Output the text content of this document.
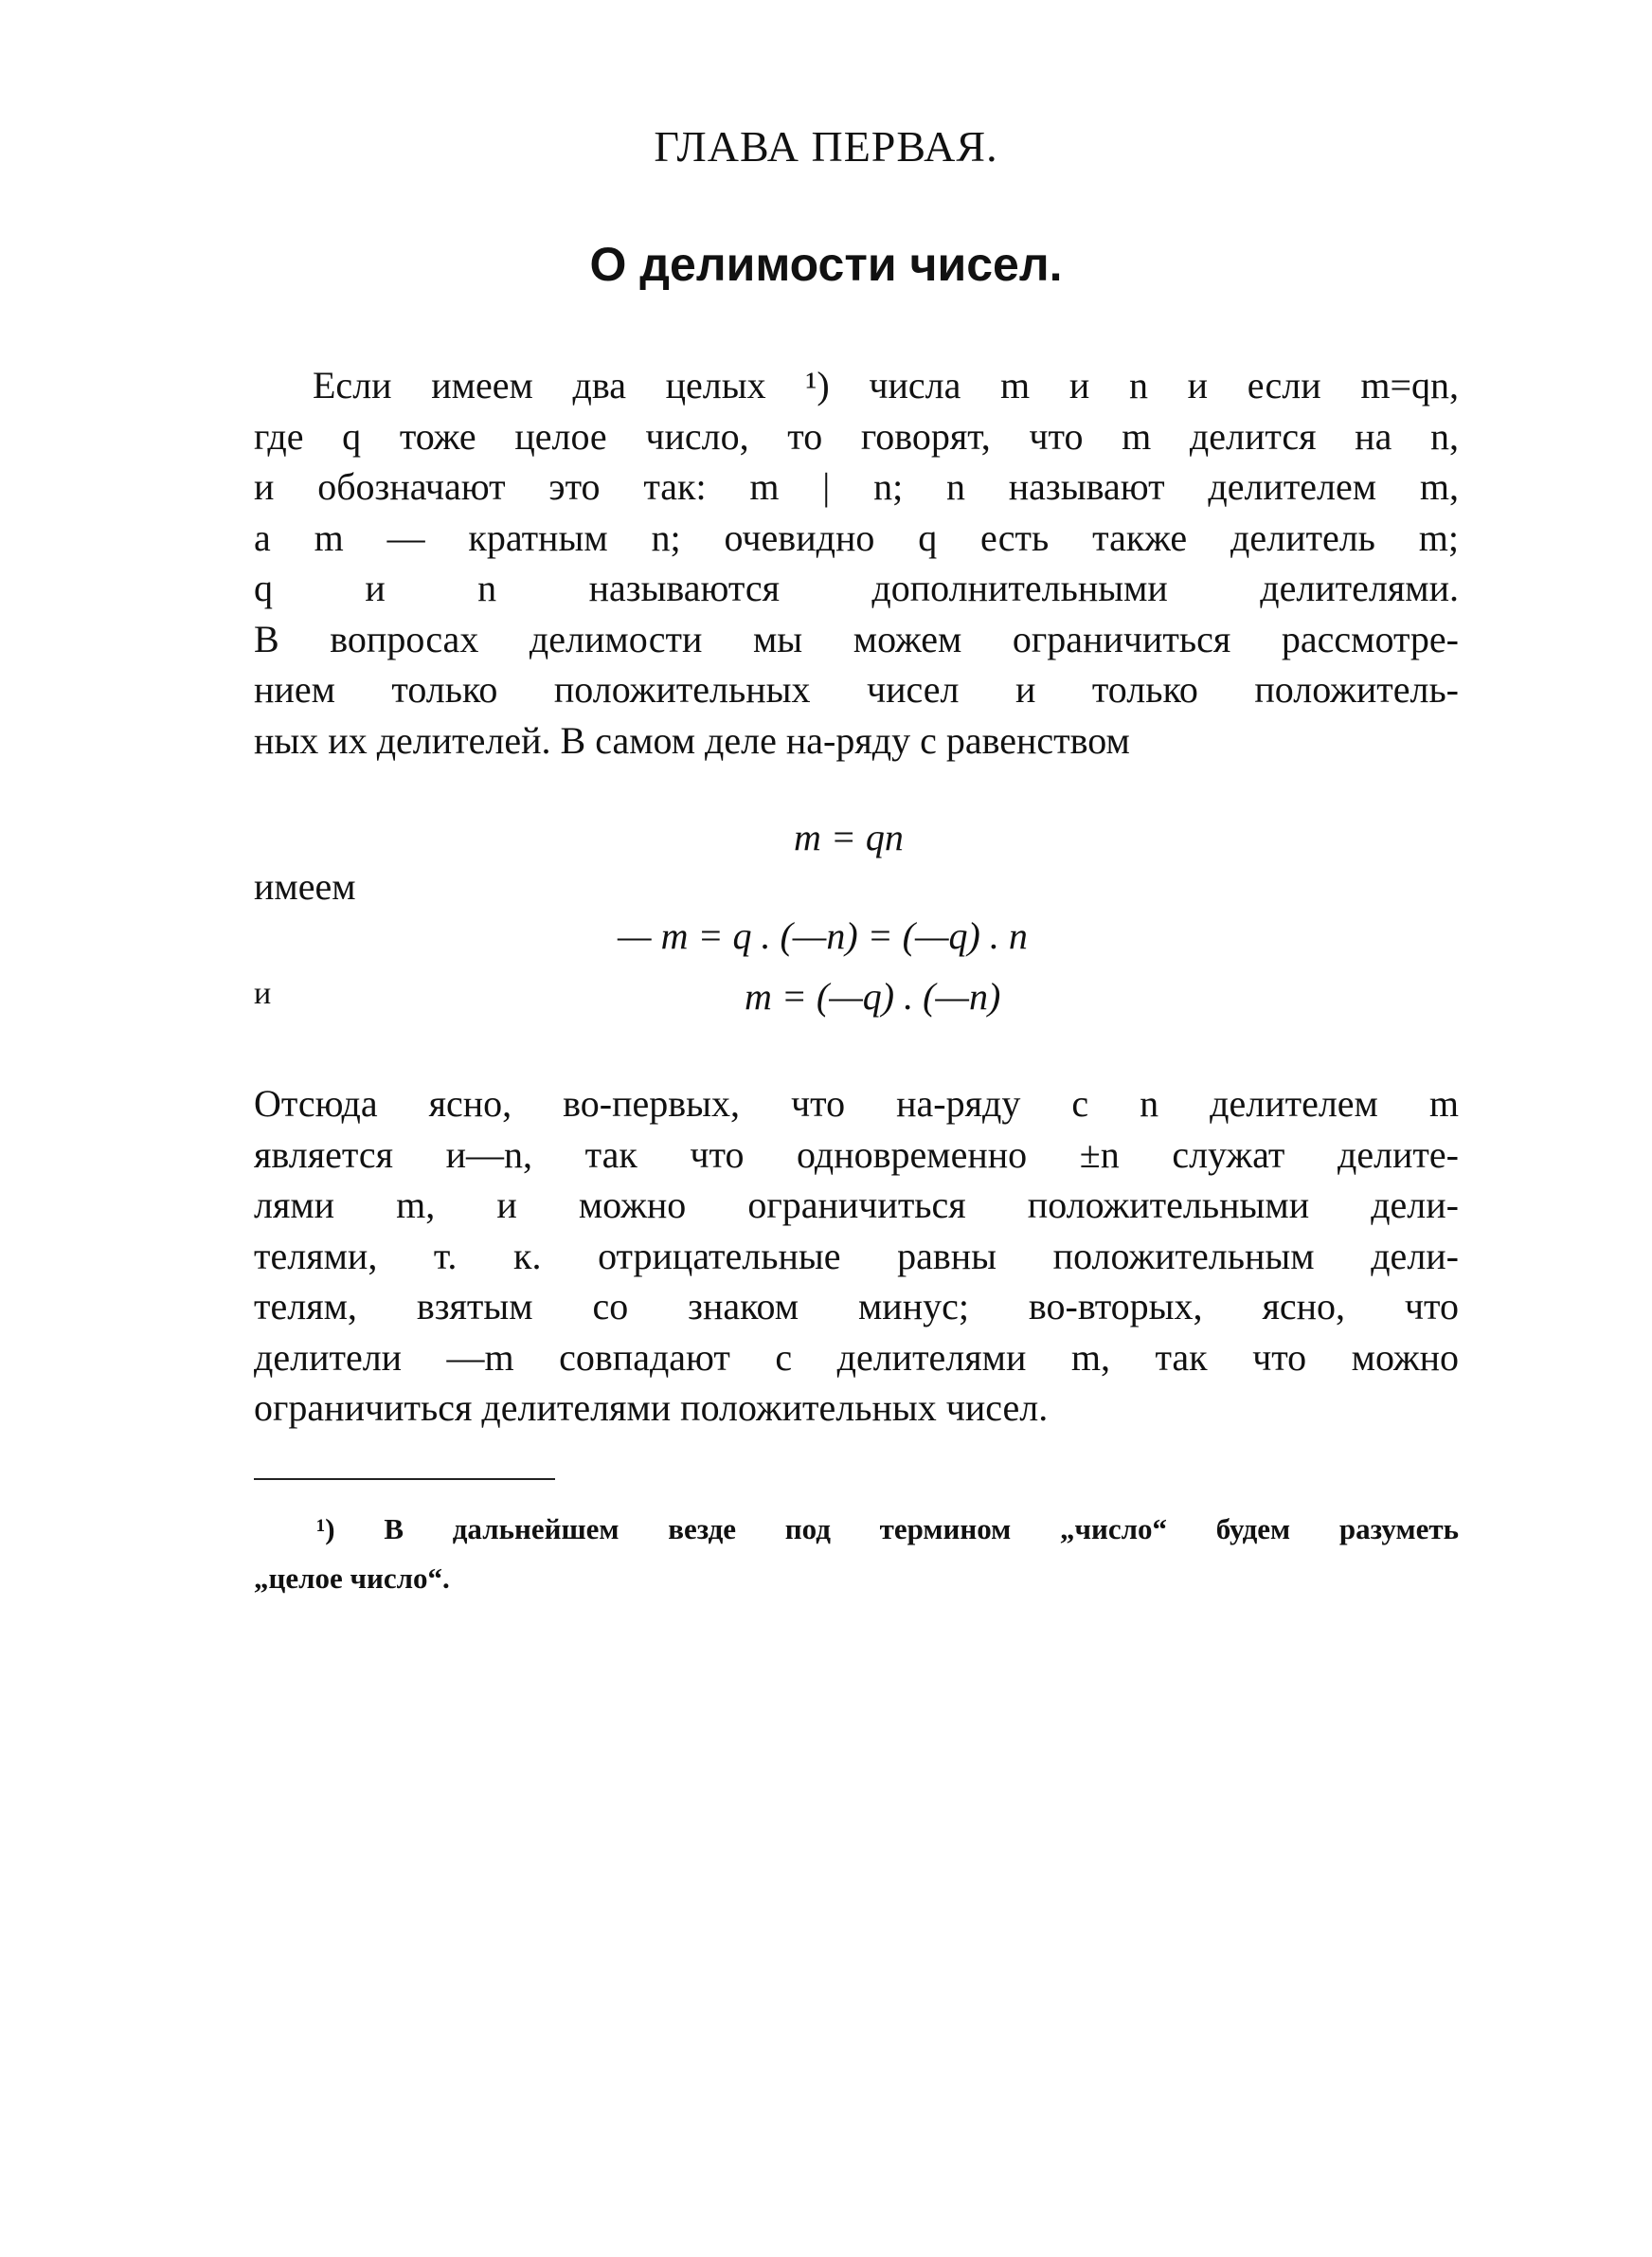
ГЛАВА ПЕРВАЯ.
О делимости чисел.
Если имеем два целых ¹) числа m и n и если m=qn,
где q тоже целое число, то говорят, что m делится на n,
и обозначают это так: m | n; n называют делителем m,
а m — кратным n; очевидно q есть также делитель m;
q и n называются дополнительными делителями.
В вопросах делимости мы можем ограничиться рассмотре-
нием только положительных чисел и только положитель-
ных их делителей. В самом деле на-ряду с равенством
m = qn
имеем
— m = q . (—n) = (—q) . n
и	m = (—q) . (—n)
Отсюда ясно, во-первых, что на-ряду с n делителем m
является и—n, так что одновременно ±n служат делите-
лями m, и можно ограничиться положительными дели-
телями, т. к. отрицательные равны положительным дели-
телям, взятым со знаком минус; во-вторых, ясно, что
делители —m совпадают с делителями m, так что можно
ограничиться делителями положительных чисел.
¹) В дальнейшем везде под термином „число“ будем разуметь
„целое число“.
